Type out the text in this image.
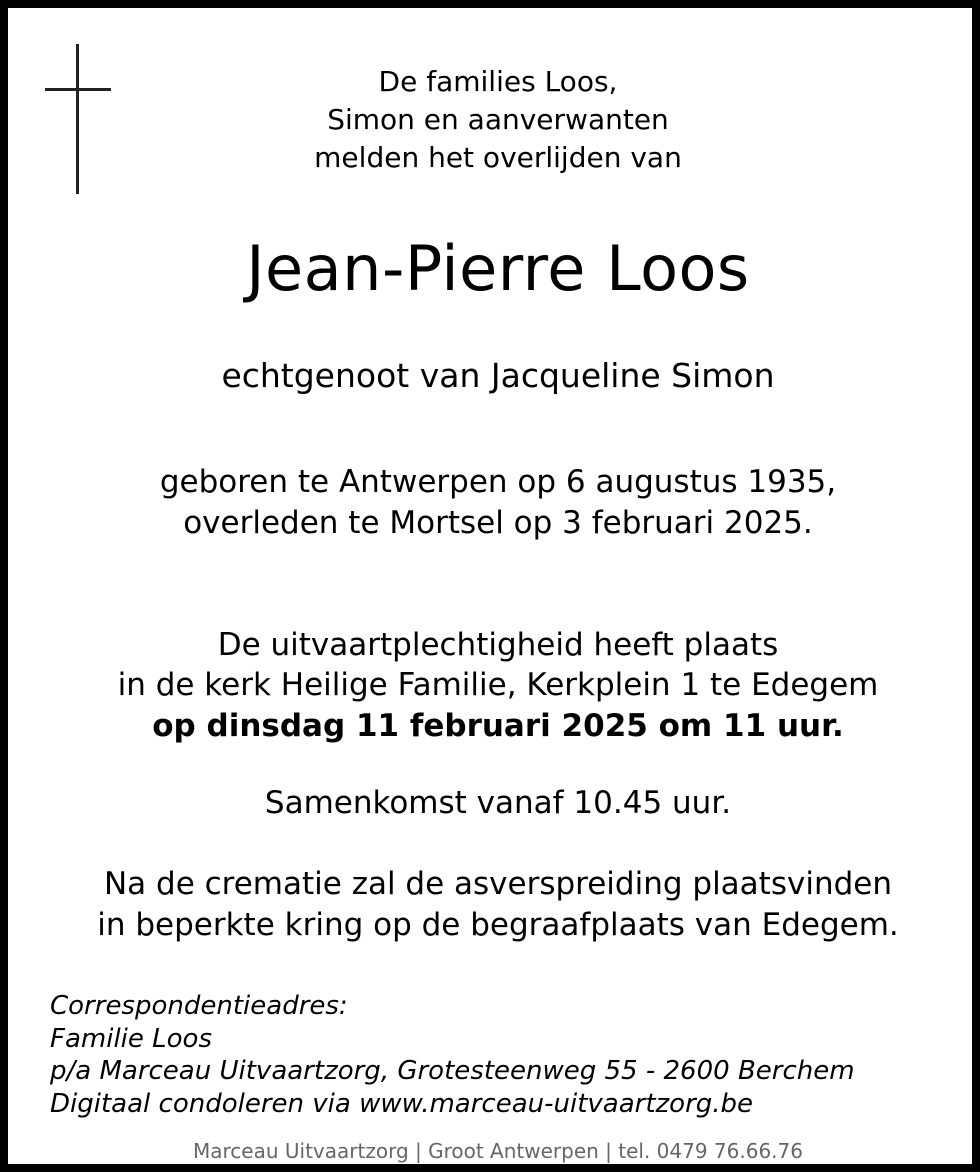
De families Loos,
Simon en aanverwanten
melden het overlijden van
Jean-Pierre Loos
echtgenoot van Jacqueline Simon
geboren te Antwerpen op 6 augustus 1935,
overleden te Mortsel op 3 februari 2025.
De uitvaartplechtigheid heeft plaats
in de kerk Heilige Familie, Kerkplein 1 te Edegem
op dinsdag 11 februari 2025 om 11 uur.
Samenkomst vanaf 10.45 uur.
Na de crematie zal de asverspreiding plaatsvinden
in beperkte kring op de begraafplaats van Edegem.
Correspondentieadres:
Familie Loos
p/a Marceau Uitvaartzorg, Grotesteenweg 55 - 2600 Berchem
Digitaal condoleren via www.marceau-uitvaartzorg.be
Marceau Uitvaartzorg | Groot Antwerpen | tel. 0479 76.66.76
